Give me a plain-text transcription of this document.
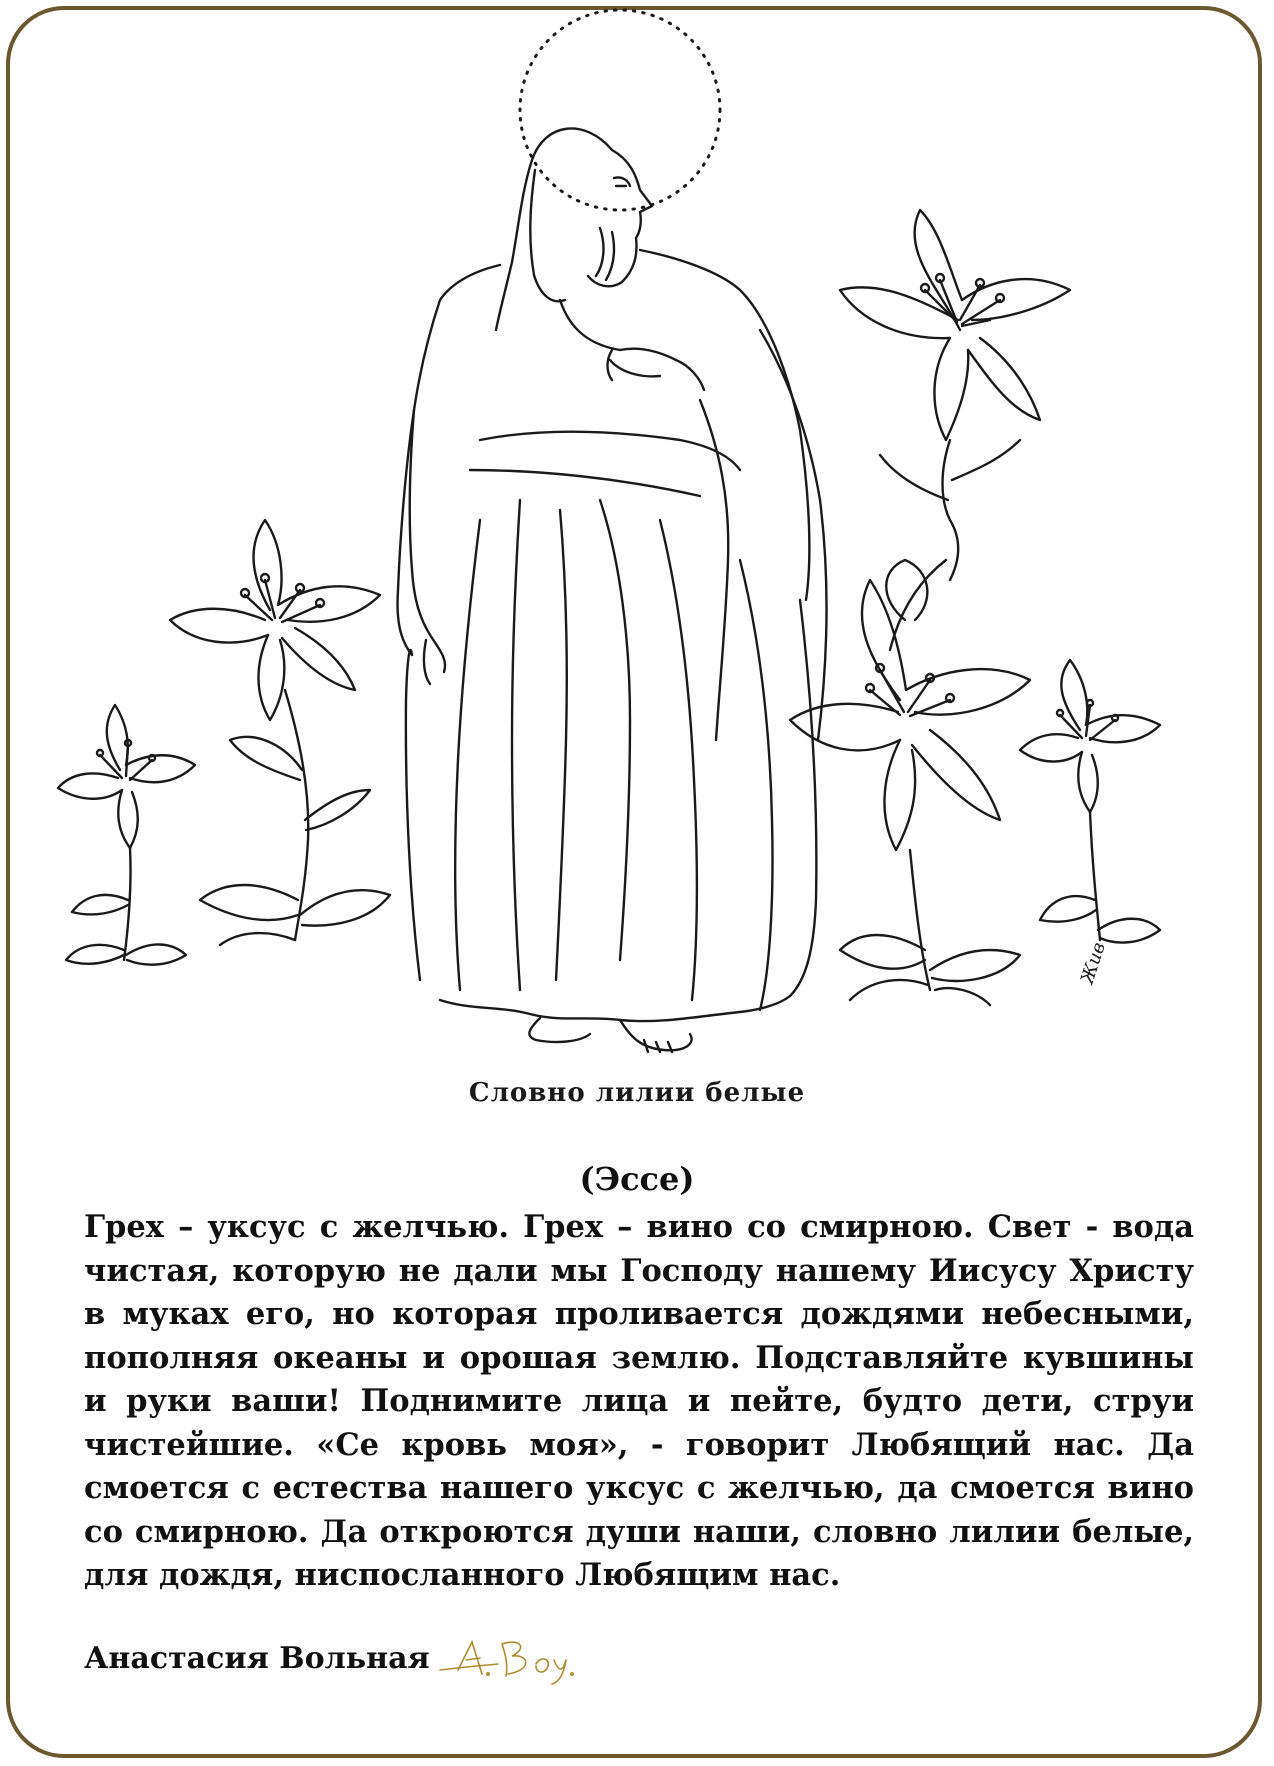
Жив
Словно лилии белые
(Эссе)

Грех – уксус с желчью. Грех – вино со смирною. Свет - вода чистая, которую не дали мы Господу нашему Иисусу Христу в муках его, но которая проливается дождями небесными, пополняя океаны и орошая землю. Подставляйте кувшины и руки ваши! Поднимите лица и пейте, будто дети, струи чистейшие. «Се кровь моя», - говорит Любящий нас. Да смоется с естества нашего уксус с желчью, да смоется вино со смирною. Да откроются души наши, словно лилии белые, для дождя, ниспосланного Любящим нас.

Анастасия Вольная
